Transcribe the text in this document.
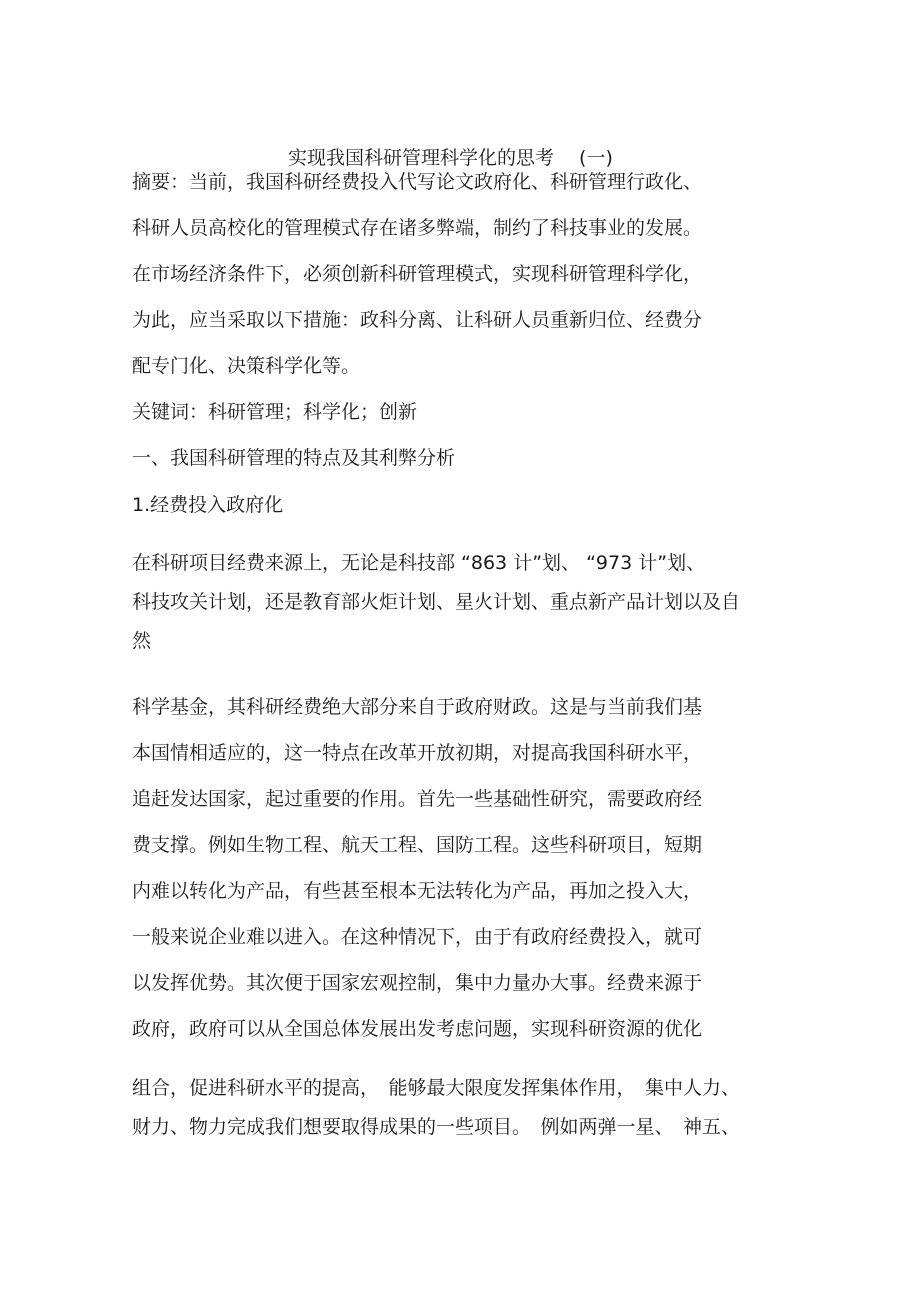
实现我国科研管理科学化的思考　 (一)
摘要：当前，我国科研经费投入代写论文政府化、科研管理行政化、
科研人员高校化的管理模式存在诸多弊端，制约了科技事业的发展。
在市场经济条件下，必须创新科研管理模式，实现科研管理科学化，
为此，应当采取以下措施：政科分离、让科研人员重新归位、经费分
配专门化、决策科学化等。
关键词：科研管理；科学化；创新
一、我国科研管理的特点及其利弊分析
1.经费投入政府化
在科研项目经费来源上，无论是科技部 “863 计”划、 “973 计”划、
科技攻关计划，还是教育部火炬计划、星火计划、重点新产品计划以及自
然
科学基金，其科研经费绝大部分来自于政府财政。这是与当前我们基
本国情相适应的，这一特点在改革开放初期，对提高我国科研水平，
追赶发达国家，起过重要的作用。首先一些基础性研究，需要政府经
费支撑。例如生物工程、航天工程、国防工程。这些科研项目，短期
内难以转化为产品，有些甚至根本无法转化为产品，再加之投入大，
一般来说企业难以进入。在这种情况下，由于有政府经费投入，就可
以发挥优势。其次便于国家宏观控制，集中力量办大事。经费来源于
政府，政府可以从全国总体发展出发考虑问题，实现科研资源的优化
组合，促进科研水平的提高，　能够最大限度发挥集体作用，　集中人力、
财力、物力完成我们想要取得成果的一些项目。　例如两弹一星、　神五、
